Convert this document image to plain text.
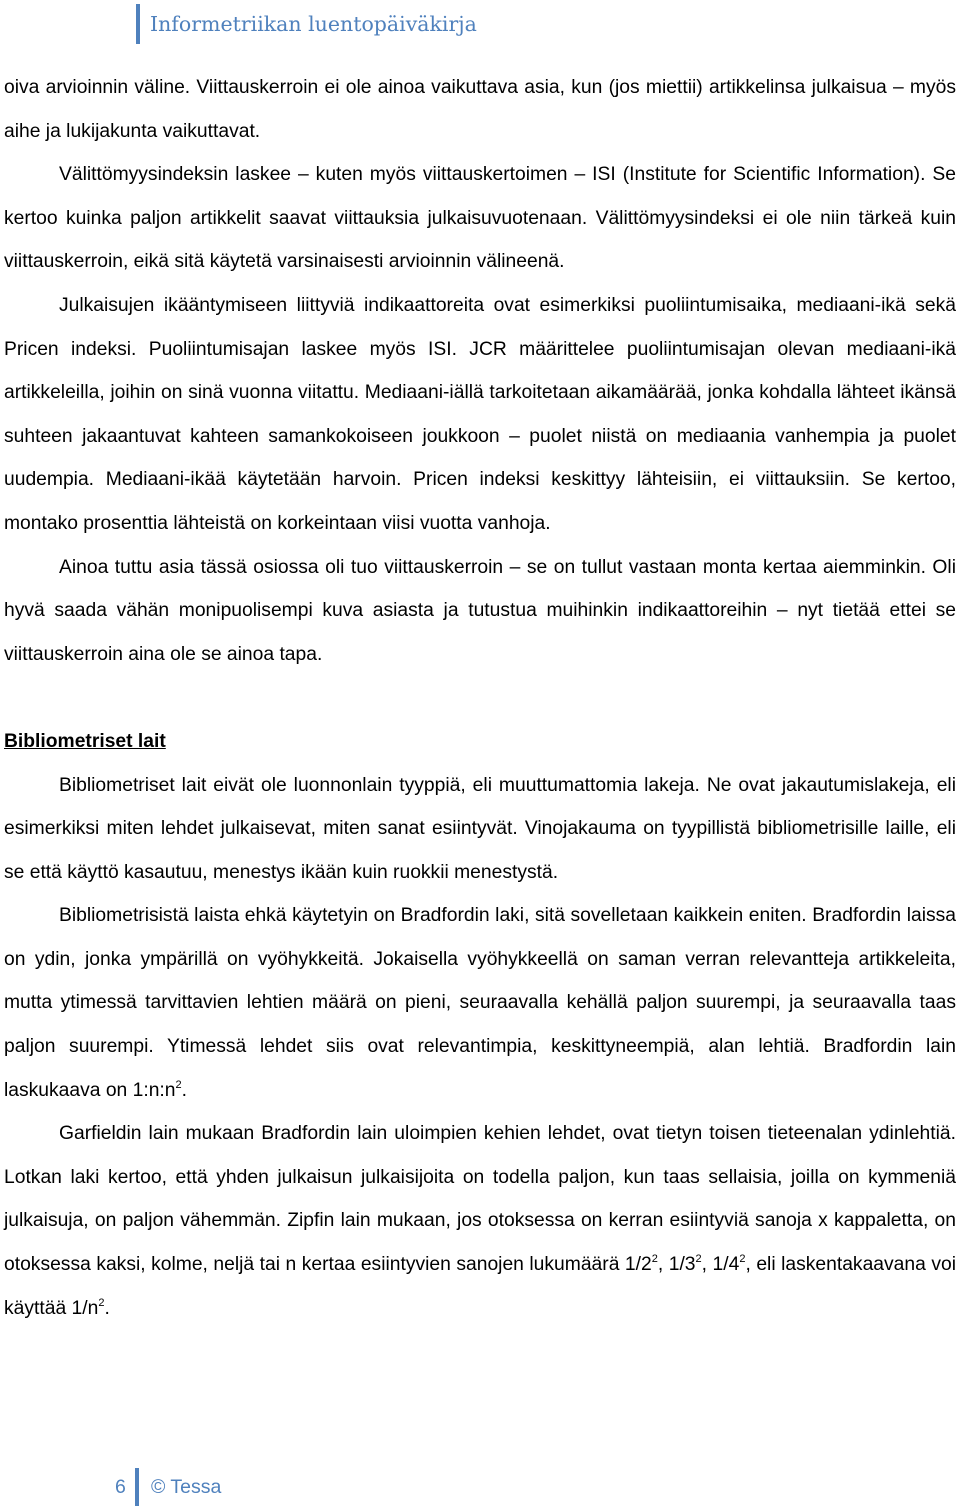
Informetriikan luentopäiväkirja

oiva arvioinnin väline. Viittauskerroin ei ole ainoa vaikuttava asia, kun (jos miettii) artikkelinsa julkaisua – myös aihe ja lukijakunta vaikuttavat.

Välittömyysindeksin laskee – kuten myös viittauskertoimen – ISI (Institute for Scientific Information). Se kertoo kuinka paljon artikkelit saavat viittauksia julkaisuvuotenaan. Välittömyysindeksi ei ole niin tärkeä kuin viittauskerroin, eikä sitä käytetä varsinaisesti arvioinnin välineenä.

Julkaisujen ikääntymiseen liittyviä indikaattoreita ovat esimerkiksi puoliintumisaika, mediaani-ikä sekä Pricen indeksi. Puoliintumisajan laskee myös ISI. JCR määrittelee puoliintumisajan olevan mediaani-ikä artikkeleilla, joihin on sinä vuonna viitattu. Mediaani-iällä tarkoitetaan aikamäärää, jonka kohdalla lähteet ikänsä suhteen jakaantuvat kahteen samankokoiseen joukkoon – puolet niistä on mediaania vanhempia ja puolet uudempia. Mediaani-ikää käytetään harvoin. Pricen indeksi keskittyy lähteisiin, ei viittauksiin. Se kertoo, montako prosenttia lähteistä on korkeintaan viisi vuotta vanhoja.

Ainoa tuttu asia tässä osiossa oli tuo viittauskerroin – se on tullut vastaan monta kertaa aiemminkin. Oli hyvä saada vähän monipuolisempi kuva asiasta ja tutustua muihinkin indikaattoreihin – nyt tietää ettei se viittauskerroin aina ole se ainoa tapa.

Bibliometriset lait

Bibliometriset lait eivät ole luonnonlain tyyppiä, eli muuttumattomia lakeja. Ne ovat jakautumislakeja, eli esimerkiksi miten lehdet julkaisevat, miten sanat esiintyvät. Vinojakauma on tyypillistä bibliometrisille laille, eli se että käyttö kasautuu, menestys ikään kuin ruokkii menestystä.

Bibliometrisistä laista ehkä käytetyin on Bradfordin laki, sitä sovelletaan kaikkein eniten. Bradfordin laissa on ydin, jonka ympärillä on vyöhykkeitä. Jokaisella vyöhykkeellä on saman verran relevantteja artikkeleita, mutta ytimessä tarvittavien lehtien määrä on pieni, seuraavalla kehällä paljon suurempi, ja seuraavalla taas paljon suurempi. Ytimessä lehdet siis ovat relevantimpia, keskittyneempiä, alan lehtiä. Bradfordin lain laskukaava on $1:n:n^2$.

Garfieldin lain mukaan Bradfordin lain uloimpien kehien lehdet, ovat tietyn toisen tieteenalan ydinlehtiä. Lotkan laki kertoo, että yhden julkaisun julkaisijoita on todella paljon, kun taas sellaisia, joilla on kymmeniä julkaisuja, on paljon vähemmän. Zipfin lain mukaan, jos otoksessa on kerran esiintyviä sanoja x kappaletta, on otoksessa kaksi, kolme, neljä tai n kertaa esiintyvien sanojen lukumäärä $1/2^2$, $1/3^2$, $1/4^2$, eli laskentakaavana voi käyttää $1/n^2$.

6 © Tessa
